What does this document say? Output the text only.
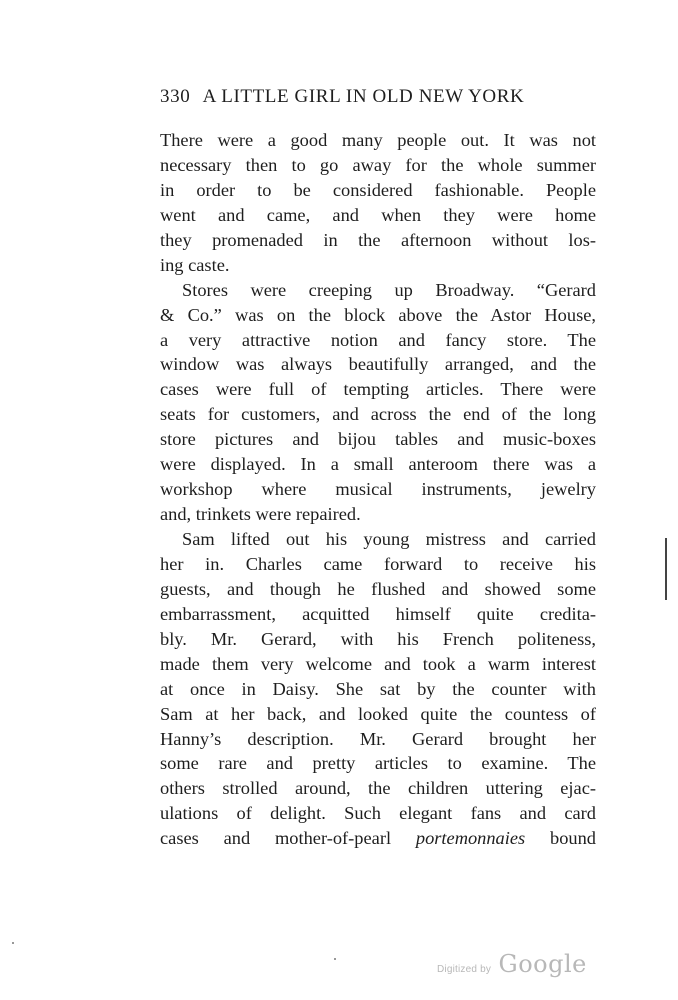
330 A LITTLE GIRL IN OLD NEW YORK
There were a good many people out. It was not
necessary then to go away for the whole summer
in order to be considered fashionable. People
went and came, and when they were home
they promenaded in the afternoon without los-
ing caste.
Stores were creeping up Broadway. “Gerard
& Co.” was on the block above the Astor House,
a very attractive notion and fancy store. The
window was always beautifully arranged, and the
cases were full of tempting articles. There were
seats for customers, and across the end of the long
store pictures and bijou tables and music-boxes
were displayed. In a small anteroom there was a
workshop where musical instruments, jewelry
and, trinkets were repaired.
Sam lifted out his young mistress and carried
her in. Charles came forward to receive his
guests, and though he flushed and showed some
embarrassment, acquitted himself quite credita-
bly. Mr. Gerard, with his French politeness,
made them very welcome and took a warm interest
at once in Daisy. She sat by the counter with
Sam at her back, and looked quite the countess of
Hanny’s description. Mr. Gerard brought her
some rare and pretty articles to examine. The
others strolled around, the children uttering ejac-
ulations of delight. Such elegant fans and card
cases and mother-of-pearl portemonnaies bound
Digitized by Google
